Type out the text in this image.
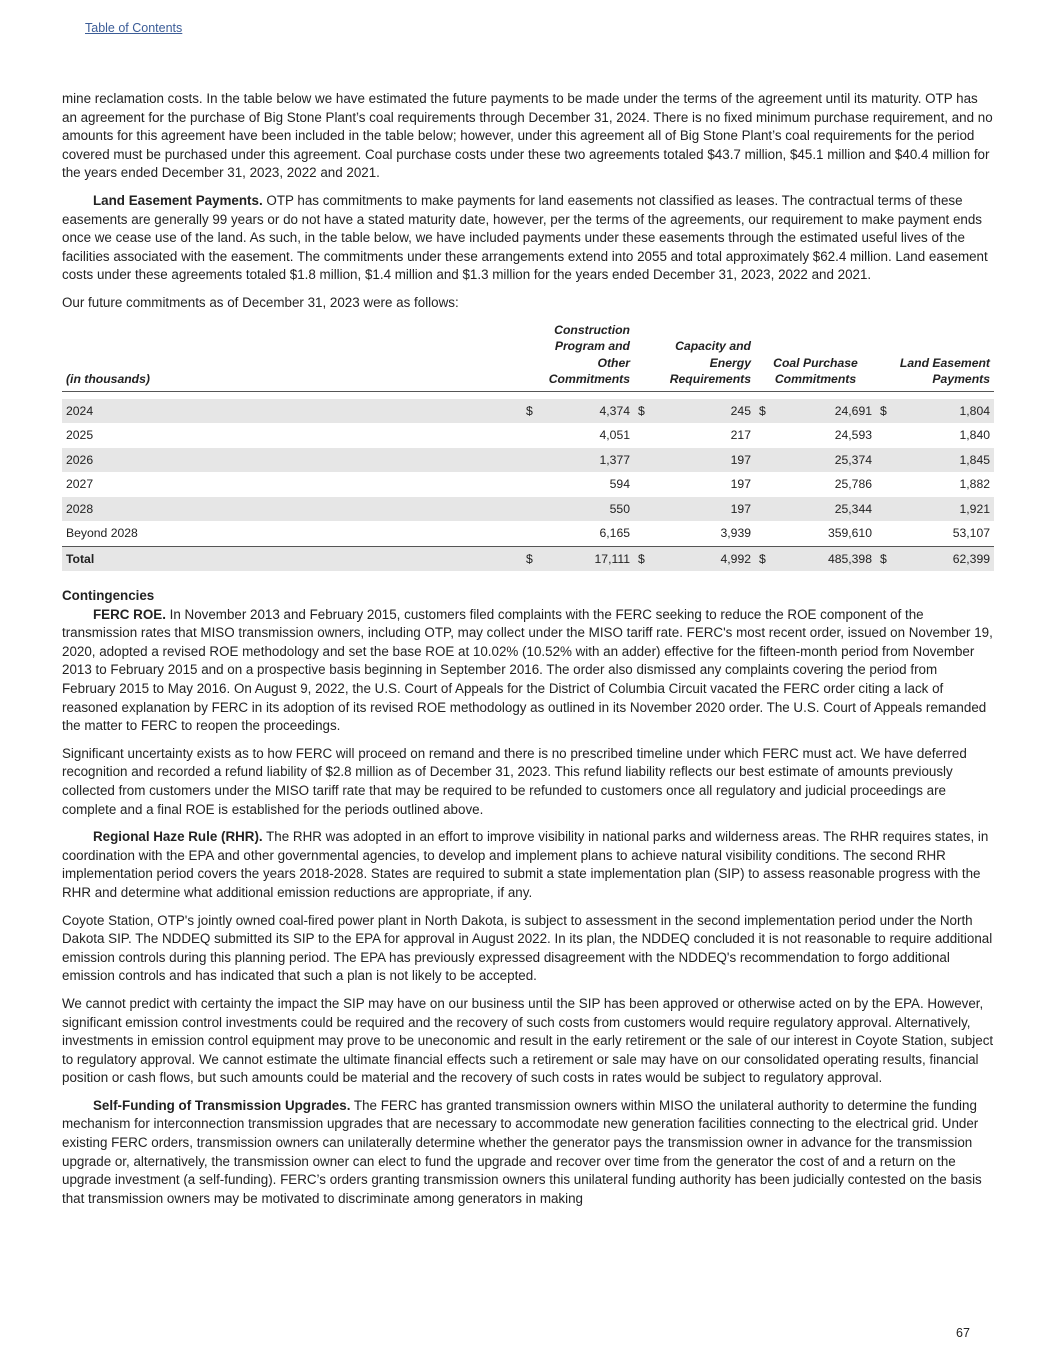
Table of Contents

mine reclamation costs. In the table below we have estimated the future payments to be made under the terms of the agreement until its maturity. OTP has an agreement for the purchase of Big Stone Plant’s coal requirements through December 31, 2024. There is no fixed minimum purchase requirement, and no amounts for this agreement have been included in the table below; however, under this agreement all of Big Stone Plant’s coal requirements for the period covered must be purchased under this agreement. Coal purchase costs under these two agreements totaled $43.7 million, $45.1 million and $40.4 million for the years ended December 31, 2023, 2022 and 2021.

Land Easement Payments. OTP has commitments to make payments for land easements not classified as leases. The contractual terms of these easements are generally 99 years or do not have a stated maturity date, however, per the terms of the agreements, our requirement to make payment ends once we cease use of the land. As such, in the table below, we have included payments under these easements through the estimated useful lives of the facilities associated with the easement. The commitments under these arrangements extend into 2055 and total approximately $62.4 million. Land easement costs under these agreements totaled $1.8 million, $1.4 million and $1.3 million for the years ended December 31, 2023, 2022 and 2021.

Our future commitments as of December 31, 2023 were as follows:

(in thousands)	Construction Program and Other Commitments		Capacity and Energy Requirements		Coal Purchase Commitments		Land Easement Payments	

2024	$	4,374	$	245	$	24,691	$	1,804
2025		4,051		217		24,593		1,840
2026		1,377		197		25,374		1,845
2027		594		197		25,786		1,882
2028		550		197		25,344		1,921
Beyond 2028		6,165		3,939		359,610		53,107
Total	$	17,111	$	4,992	$	485,398	$	62,399
Contingencies

FERC ROE. In November 2013 and February 2015, customers filed complaints with the FERC seeking to reduce the ROE component of the transmission rates that MISO transmission owners, including OTP, may collect under the MISO tariff rate. FERC's most recent order, issued on November 19, 2020, adopted a revised ROE methodology and set the base ROE at 10.02% (10.52% with an adder) effective for the fifteen-month period from November 2013 to February 2015 and on a prospective basis beginning in September 2016. The order also dismissed any complaints covering the period from February 2015 to May 2016. On August 9, 2022, the U.S. Court of Appeals for the District of Columbia Circuit vacated the FERC order citing a lack of reasoned explanation by FERC in its adoption of its revised ROE methodology as outlined in its November 2020 order. The U.S. Court of Appeals remanded the matter to FERC to reopen the proceedings.

Significant uncertainty exists as to how FERC will proceed on remand and there is no prescribed timeline under which FERC must act. We have deferred recognition and recorded a refund liability of $2.8 million as of December 31, 2023. This refund liability reflects our best estimate of amounts previously collected from customers under the MISO tariff rate that may be required to be refunded to customers once all regulatory and judicial proceedings are complete and a final ROE is established for the periods outlined above.

Regional Haze Rule (RHR). The RHR was adopted in an effort to improve visibility in national parks and wilderness areas. The RHR requires states, in coordination with the EPA and other governmental agencies, to develop and implement plans to achieve natural visibility conditions. The second RHR implementation period covers the years 2018-2028. States are required to submit a state implementation plan (SIP) to assess reasonable progress with the RHR and determine what additional emission reductions are appropriate, if any.

Coyote Station, OTP's jointly owned coal-fired power plant in North Dakota, is subject to assessment in the second implementation period under the North Dakota SIP. The NDDEQ submitted its SIP to the EPA for approval in August 2022. In its plan, the NDDEQ concluded it is not reasonable to require additional emission controls during this planning period. The EPA has previously expressed disagreement with the NDDEQ's recommendation to forgo additional emission controls and has indicated that such a plan is not likely to be accepted.

We cannot predict with certainty the impact the SIP may have on our business until the SIP has been approved or otherwise acted on by the EPA. However, significant emission control investments could be required and the recovery of such costs from customers would require regulatory approval. Alternatively, investments in emission control equipment may prove to be uneconomic and result in the early retirement or the sale of our interest in Coyote Station, subject to regulatory approval. We cannot estimate the ultimate financial effects such a retirement or sale may have on our consolidated operating results, financial position or cash flows, but such amounts could be material and the recovery of such costs in rates would be subject to regulatory approval.

Self-Funding of Transmission Upgrades. The FERC has granted transmission owners within MISO the unilateral authority to determine the funding mechanism for interconnection transmission upgrades that are necessary to accommodate new generation facilities connecting to the electrical grid. Under existing FERC orders, transmission owners can unilaterally determine whether the generator pays the transmission owner in advance for the transmission upgrade or, alternatively, the transmission owner can elect to fund the upgrade and recover over time from the generator the cost of and a return on the upgrade investment (a self-funding). FERC’s orders granting transmission owners this unilateral funding authority has been judicially contested on the basis that transmission owners may be motivated to discriminate among generators in making

67
